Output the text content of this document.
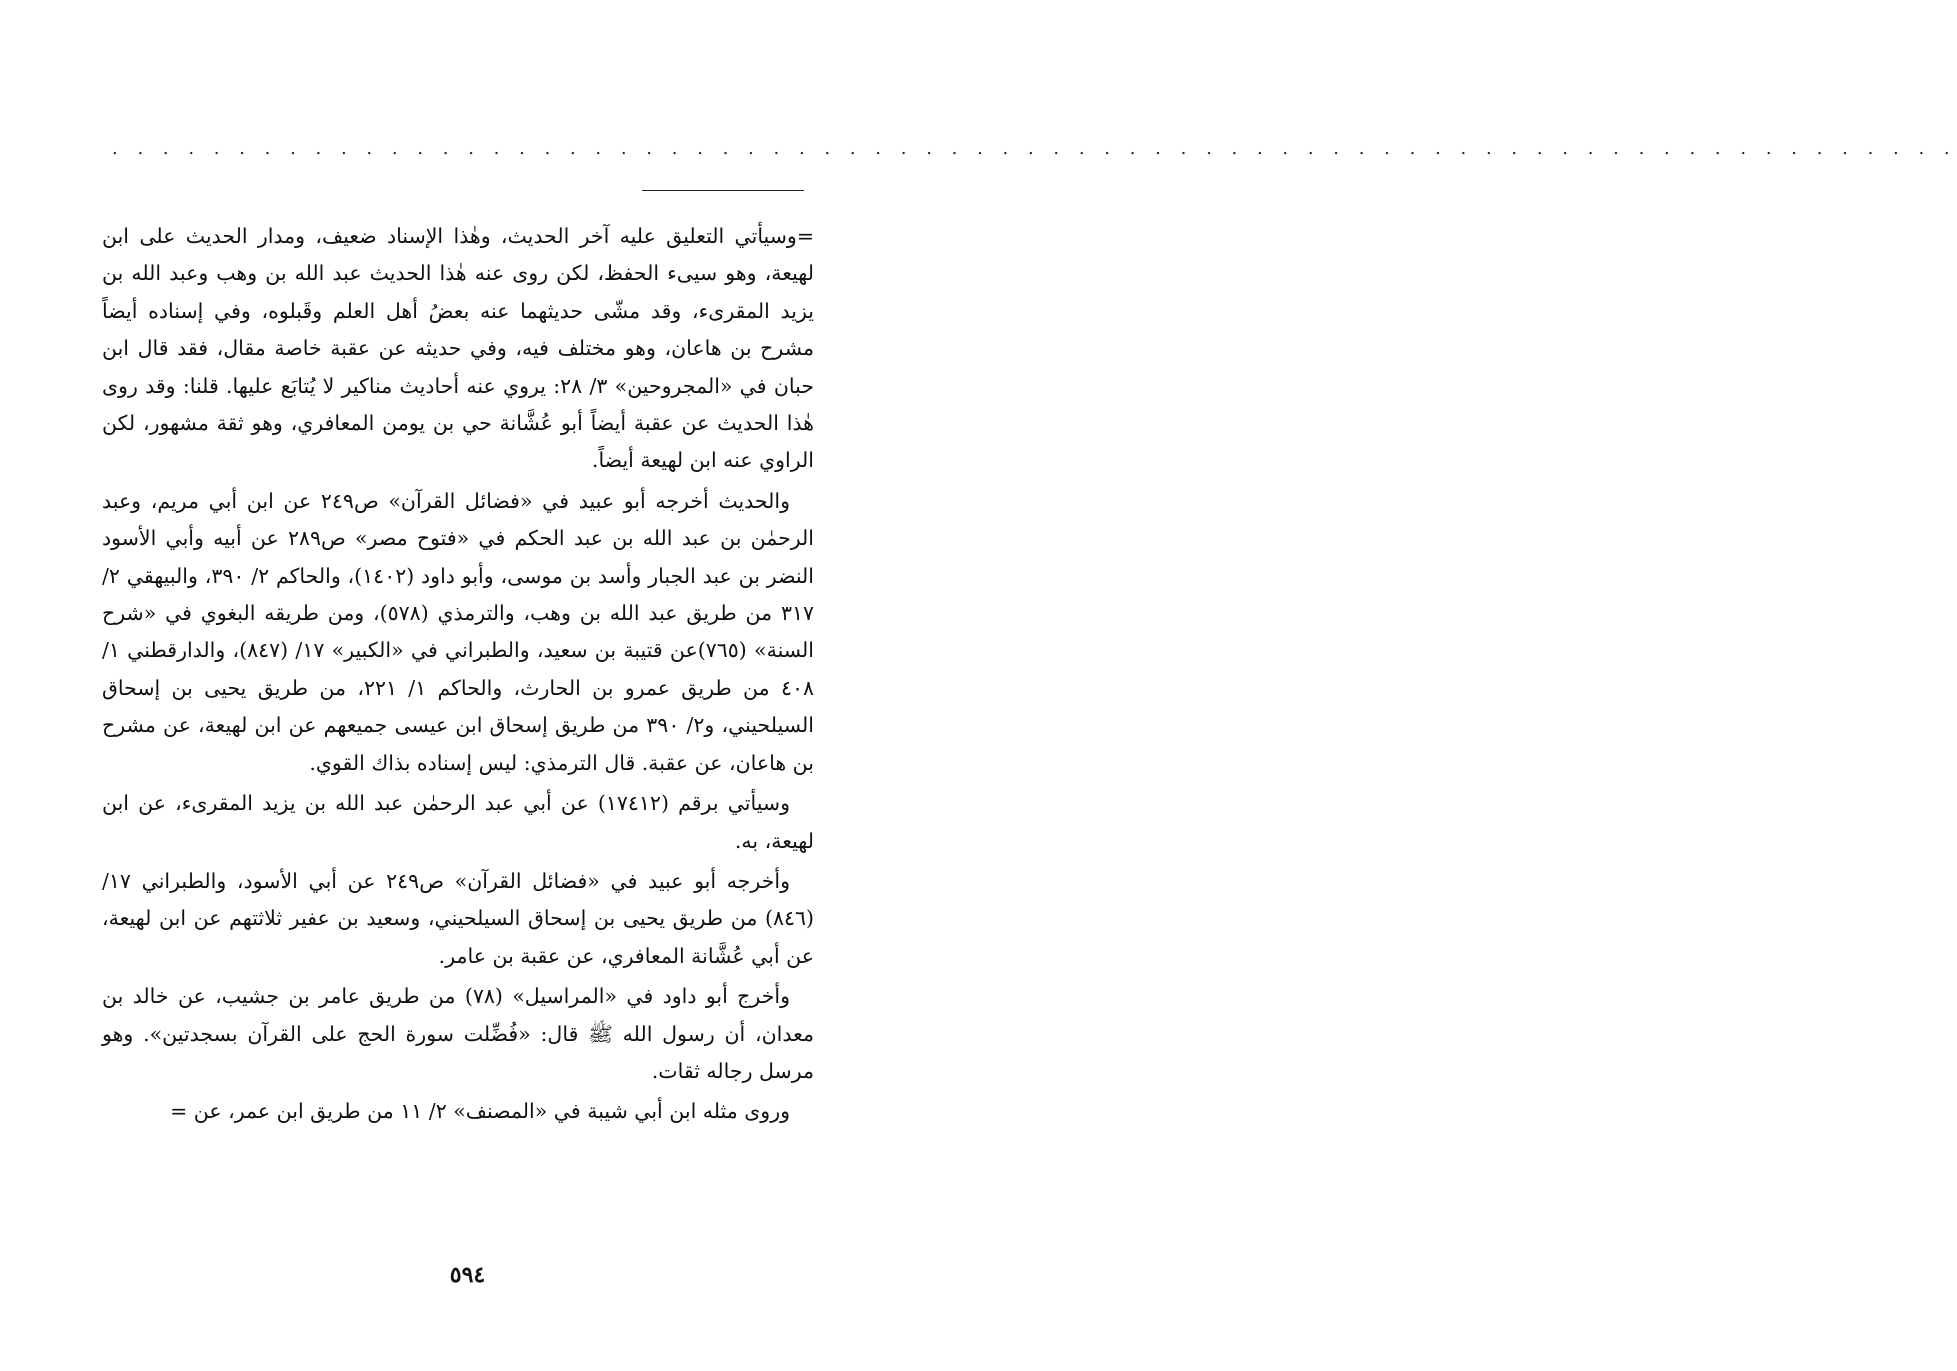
. . . . . . . . . . . . . . . . . . . . . . . . . . . . . . . . . . . . . . . . . . . . . . . . . . . . . . . . . . . . . . . . . . . . . . . . .

=وسيأتي التعليق عليه آخر الحديث، وهٰذا الإسناد ضعيف، ومدار الحديث على ابن لهيعة، وهو سيىء الحفظ، لكن روى عنه هٰذا الحديث عبد الله بن وهب وعبد الله بن يزيد المقرىء، وقد مشّى حديثهما عنه بعضُ أهل العلم وقَبلوه، وفي إسناده أيضاً مشرح بن هاعان، وهو مختلف فيه، وفي حديثه عن عقبة خاصة مقال، فقد قال ابن حبان في «المجروحين» ٣/ ٢٨: يروي عنه أحاديث مناكير لا يُتابَع عليها. قلنا: وقد روى هٰذا الحديث عن عقبة أيضاً أبو عُشَّانة حي بن يومن المعافري، وهو ثقة مشهور، لكن الراوي عنه ابن لهيعة أيضاً.

والحديث أخرجه أبو عبيد في «فضائل القرآن» ص٢٤٩ عن ابن أبي مريم، وعبد الرحمٰن بن عبد الله بن عبد الحكم في «فتوح مصر» ص٢٨٩ عن أبيه وأبي الأسود النضر بن عبد الجبار وأسد بن موسى، وأبو داود (١٤٠٢)، والحاكم ٢/ ٣٩٠، والبيهقي ٢/ ٣١٧ من طريق عبد الله بن وهب، والترمذي (٥٧٨)، ومن طريقه البغوي في «شرح السنة» (٧٦٥)عن قتيبة بن سعيد، والطبراني في «الكبير» ١٧/ (٨٤٧)، والدارقطني ١/ ٤٠٨ من طريق عمرو بن الحارث، والحاكم ١/ ٢٢١، من طريق يحيى بن إسحاق السيلحيني، و٢/ ٣٩٠ من طريق إسحاق ابن عيسى جميعهم عن ابن لهيعة، عن مشرح بن هاعان، عن عقبة. قال الترمذي: ليس إسناده بذاك القوي.

وسيأتي برقم (١٧٤١٢) عن أبي عبد الرحمٰن عبد الله بن يزيد المقرىء، عن ابن لهيعة، به.

وأخرجه أبو عبيد في «فضائل القرآن» ص٢٤٩ عن أبي الأسود، والطبراني ١٧/ (٨٤٦) من طريق يحيى بن إسحاق السيلحيني، وسعيد بن عفير ثلاثتهم عن ابن لهيعة، عن أبي عُشَّانة المعافري، عن عقبة بن عامر.

وأخرج أبو داود في «المراسيل» (٧٨) من طريق عامر بن جشيب، عن خالد بن معدان، أن رسول الله ﷺ قال: «فُضِّلت سورة الحج على القرآن بسجدتين». وهو مرسل رجاله ثقات.

وروى مثله ابن أبي شيبة في «المصنف» ٢/ ١١ من طريق ابن عمر، عن =

٥٩٤
